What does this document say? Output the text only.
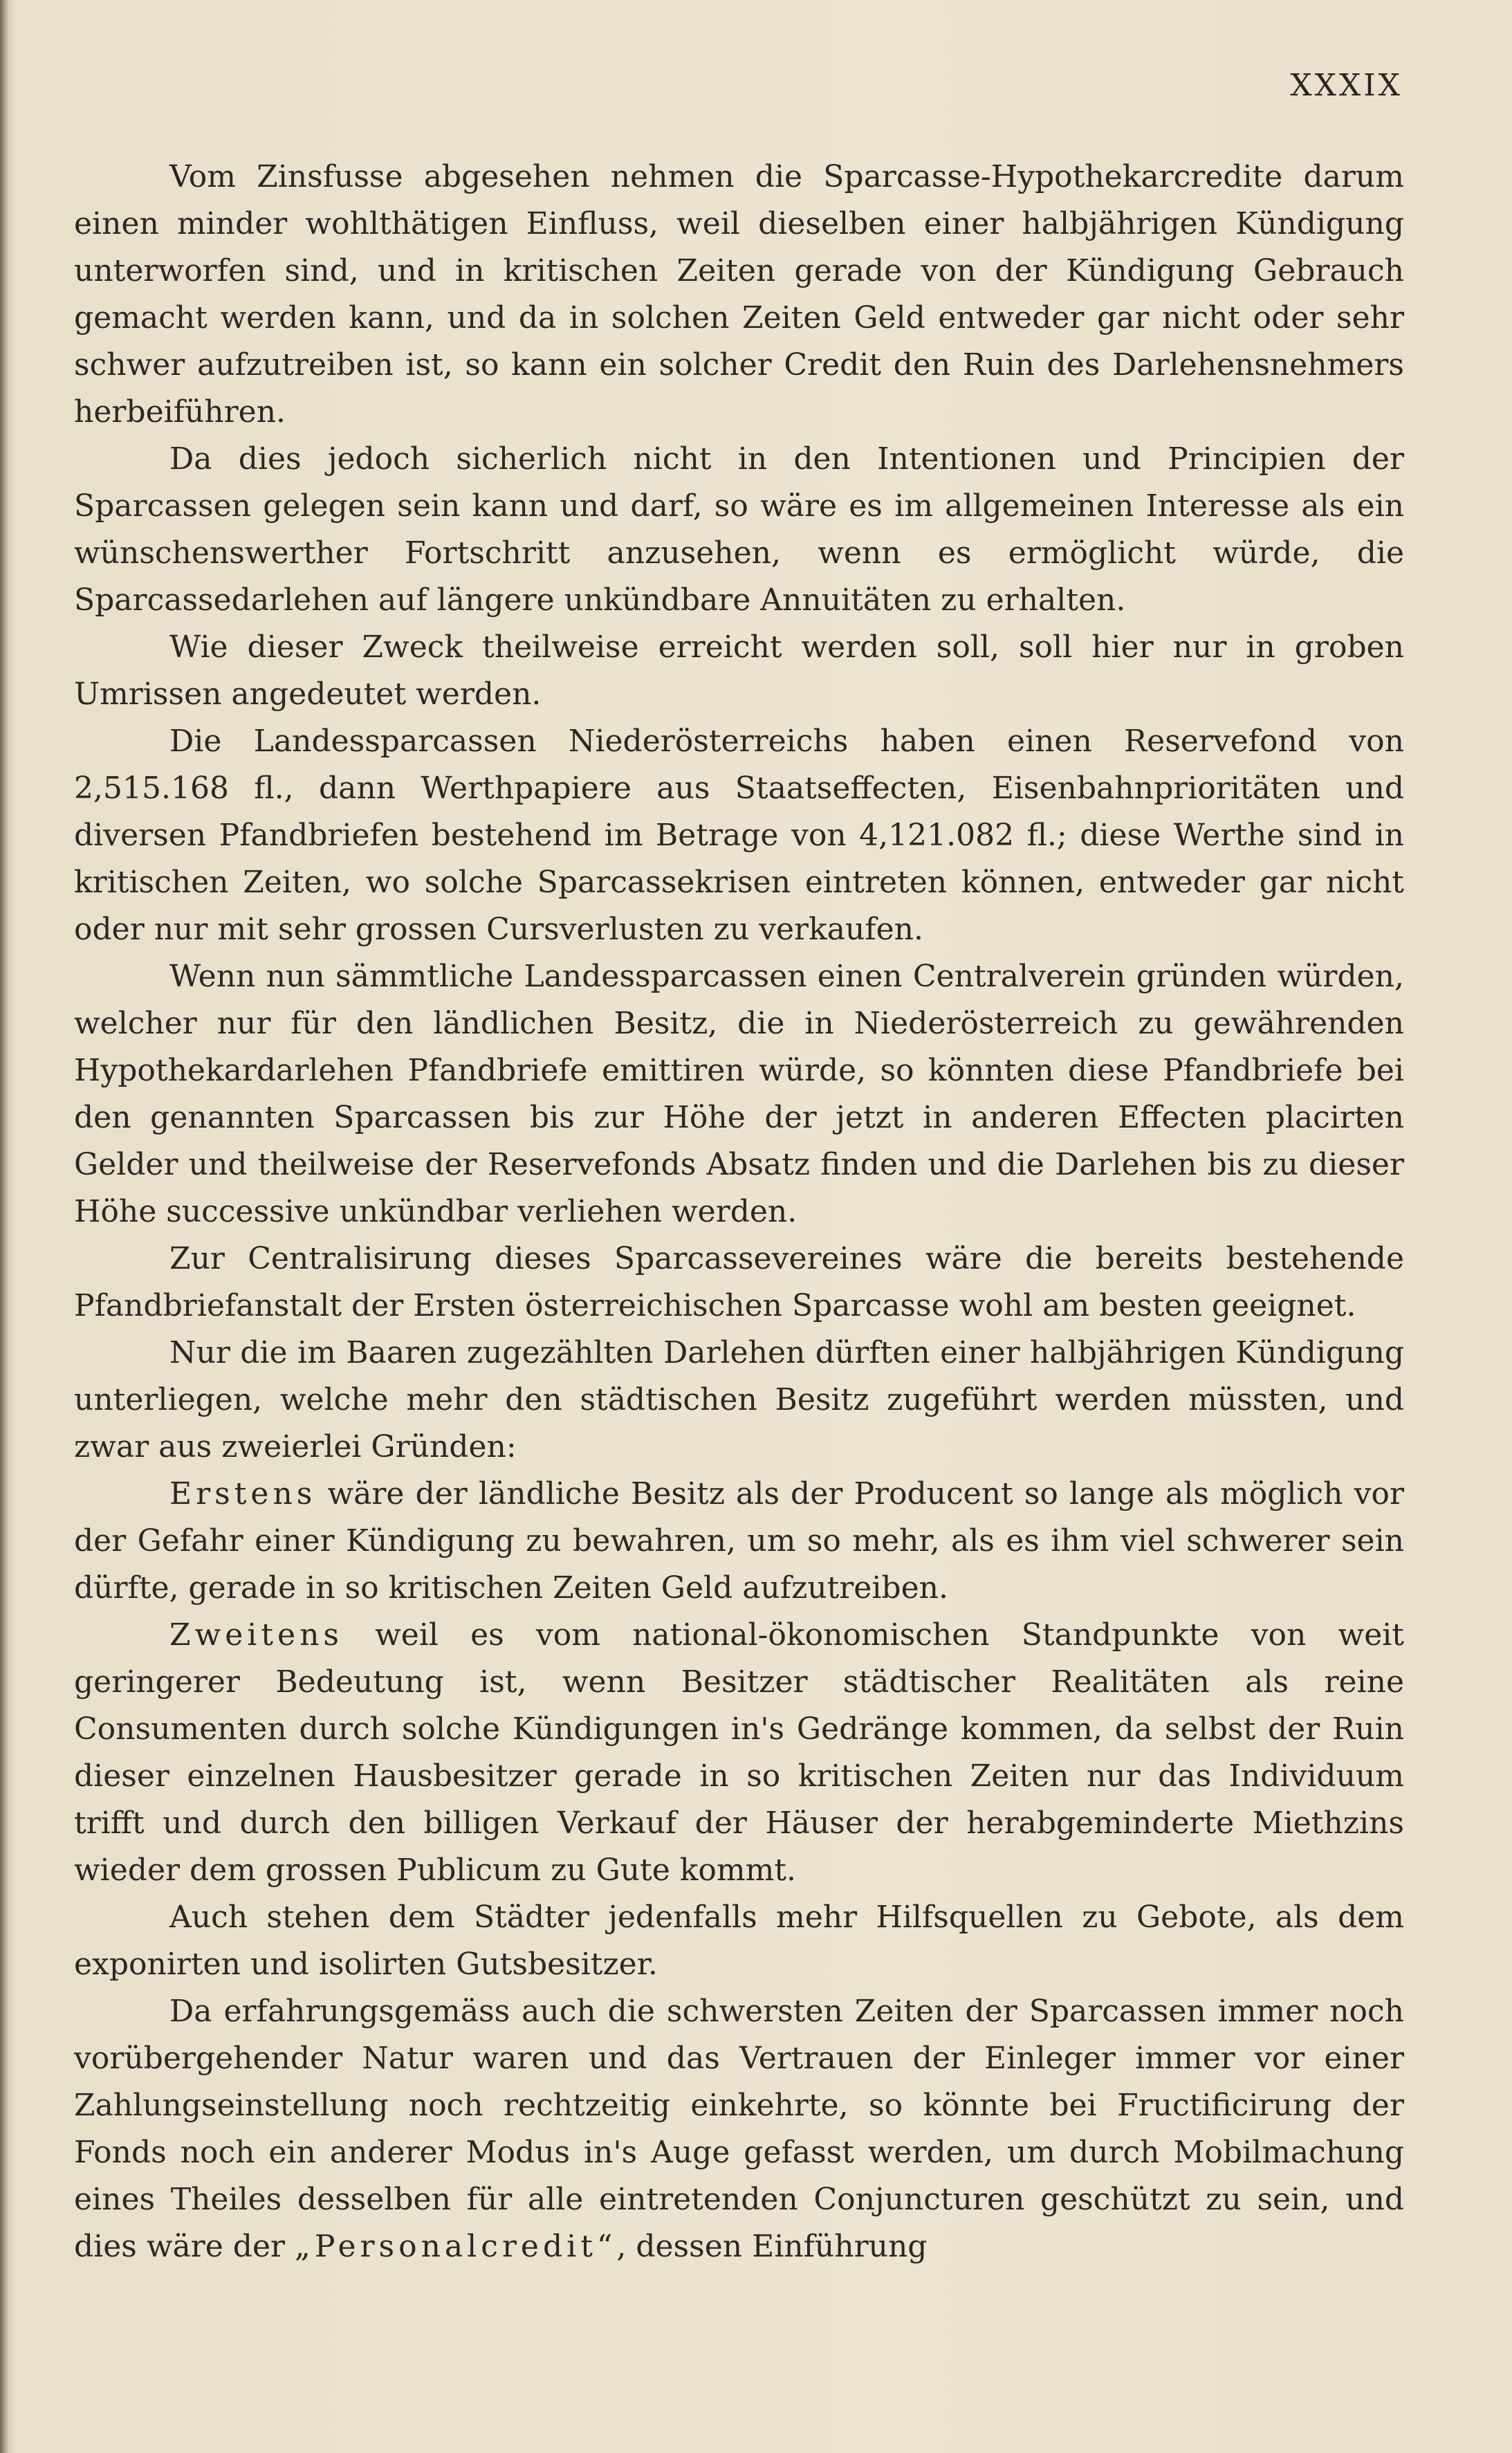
XXXIX

Vom Zinsfusse abgesehen nehmen die Sparcasse-Hypothekarcredite darum einen minder wohlthätigen Einfluss, weil dieselben einer halbjährigen Kündigung unterworfen sind, und in kritischen Zeiten gerade von der Kündigung Gebrauch gemacht werden kann, und da in solchen Zeiten Geld entweder gar nicht oder sehr schwer aufzutreiben ist, so kann ein solcher Credit den Ruin des Darlehensnehmers herbeiführen.

Da dies jedoch sicherlich nicht in den Intentionen und Principien der Sparcassen gelegen sein kann und darf, so wäre es im allgemeinen Interesse als ein wünschenswerther Fortschritt anzusehen, wenn es ermöglicht würde, die Sparcassedarlehen auf längere unkündbare Annuitäten zu erhalten.

Wie dieser Zweck theilweise erreicht werden soll, soll hier nur in groben Umrissen angedeutet werden.

Die Landessparcassen Niederösterreichs haben einen Reservefond von 2,515.168 fl., dann Werthpapiere aus Staatseffecten, Eisenbahnprioritäten und diversen Pfandbriefen bestehend im Betrage von 4,121.082 fl.; diese Werthe sind in kritischen Zeiten, wo solche Sparcassekrisen eintreten können, entweder gar nicht oder nur mit sehr grossen Cursverlusten zu verkaufen.

Wenn nun sämmtliche Landessparcassen einen Centralverein gründen würden, welcher nur für den ländlichen Besitz, die in Niederösterreich zu gewährenden Hypothekardarlehen Pfandbriefe emittiren würde, so könnten diese Pfandbriefe bei den genannten Sparcassen bis zur Höhe der jetzt in anderen Effecten placirten Gelder und theilweise der Reservefonds Absatz finden und die Darlehen bis zu dieser Höhe successive unkündbar verliehen werden.

Zur Centralisirung dieses Sparcassevereines wäre die bereits bestehende Pfandbriefanstalt der Ersten österreichischen Sparcasse wohl am besten geeignet.

Nur die im Baaren zugezählten Darlehen dürften einer halbjährigen Kündigung unterliegen, welche mehr den städtischen Besitz zugeführt werden müssten, und zwar aus zweierlei Gründen:

Erstens wäre der ländliche Besitz als der Producent so lange als möglich vor der Gefahr einer Kündigung zu bewahren, um so mehr, als es ihm viel schwerer sein dürfte, gerade in so kritischen Zeiten Geld aufzutreiben.

Zweitens weil es vom national-ökonomischen Standpunkte von weit geringerer Bedeutung ist, wenn Besitzer städtischer Realitäten als reine Consumenten durch solche Kündigungen in's Gedränge kommen, da selbst der Ruin dieser einzelnen Hausbesitzer gerade in so kritischen Zeiten nur das Individuum trifft und durch den billigen Verkauf der Häuser der herabgeminderte Miethzins wieder dem grossen Publicum zu Gute kommt.

Auch stehen dem Städter jedenfalls mehr Hilfsquellen zu Gebote, als dem exponirten und isolirten Gutsbesitzer.

Da erfahrungsgemäss auch die schwersten Zeiten der Sparcassen immer noch vorübergehender Natur waren und das Vertrauen der Einleger immer vor einer Zahlungseinstellung noch rechtzeitig einkehrte, so könnte bei Fructificirung der Fonds noch ein anderer Modus in's Auge gefasst werden, um durch Mobilmachung eines Theiles desselben für alle eintretenden Conjuncturen geschützt zu sein, und dies wäre der „Personalcredit“, dessen Einführung
